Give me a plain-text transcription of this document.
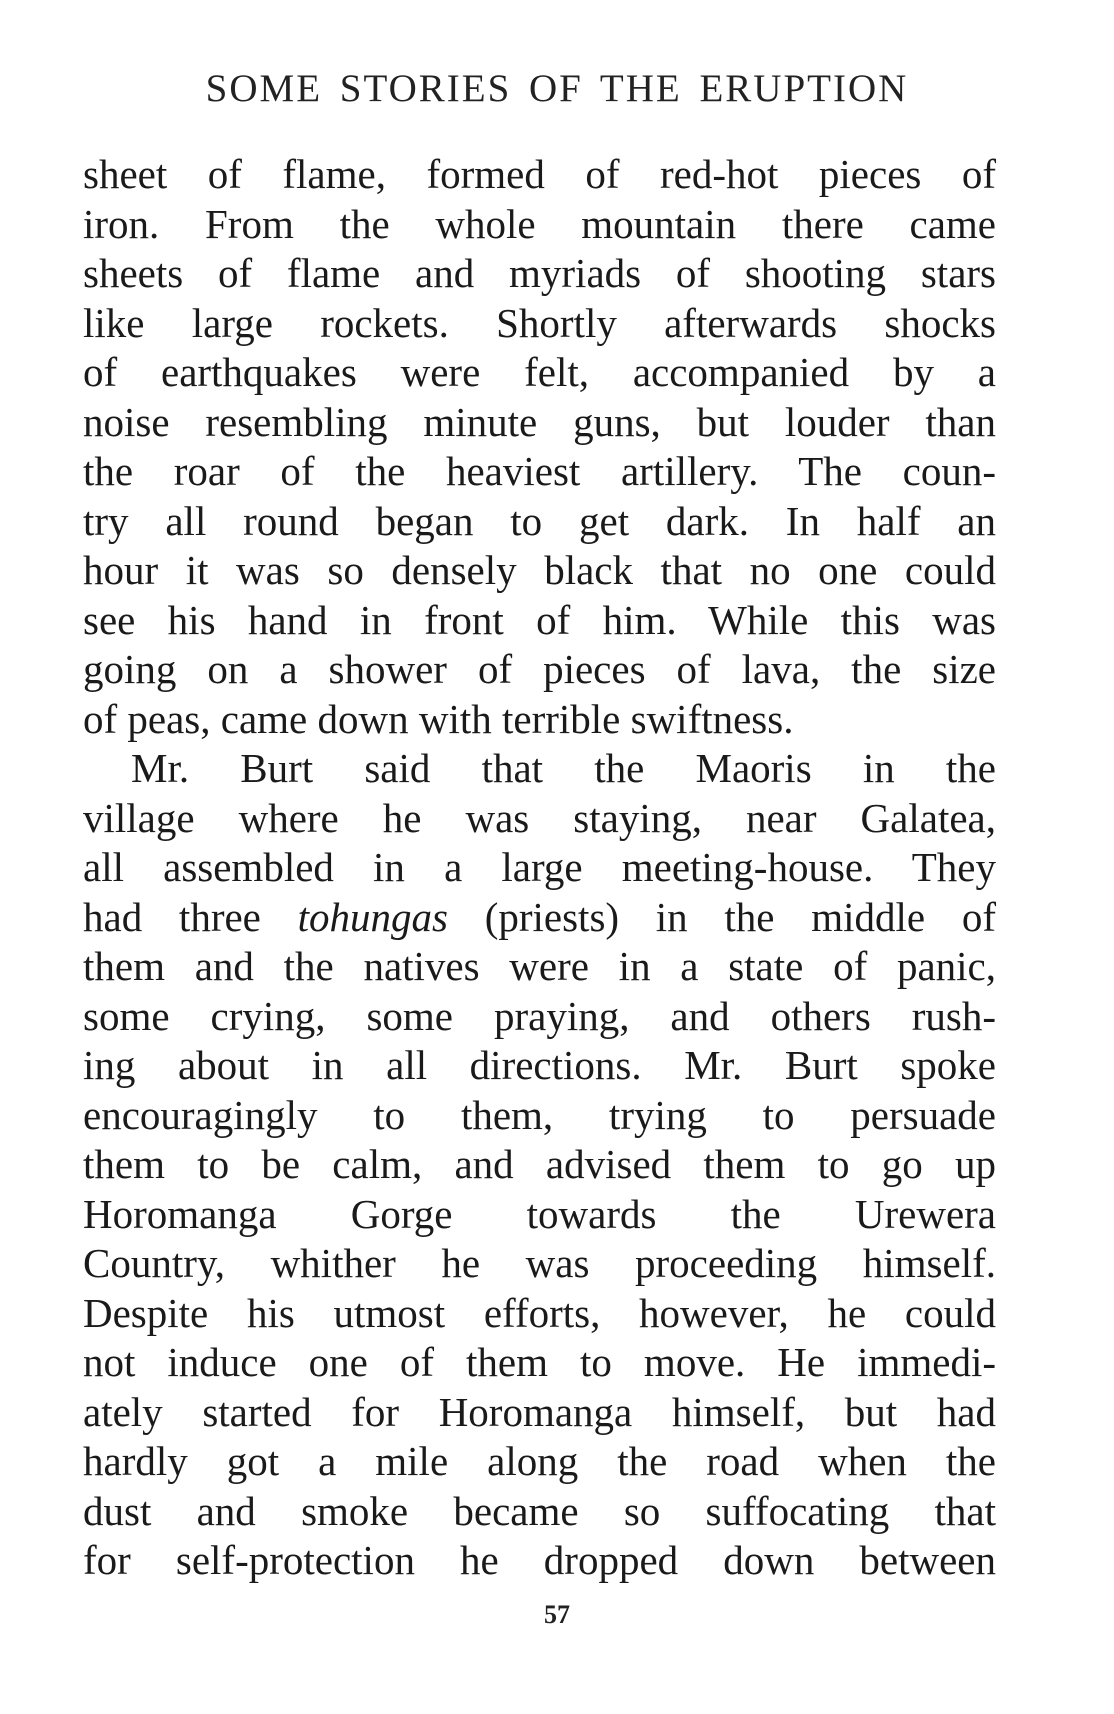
SOME STORIES OF THE ERUPTION
sheet of flame, formed of red-hot pieces of
iron. From the whole mountain there came
sheets of flame and myriads of shooting stars
like large rockets. Shortly afterwards shocks
of earthquakes were felt, accompanied by a
noise resembling minute guns, but louder than
the roar of the heaviest artillery. The coun-
try all round began to get dark. In half an
hour it was so densely black that no one could
see his hand in front of him. While this was
going on a shower of pieces of lava, the size
of peas, came down with terrible swiftness.
Mr. Burt said that the Maoris in the
village where he was staying, near Galatea,
all assembled in a large meeting-house. They
had three tohungas (priests) in the middle of
them and the natives were in a state of panic,
some crying, some praying, and others rush-
ing about in all directions. Mr. Burt spoke
encouragingly to them, trying to persuade
them to be calm, and advised them to go up
Horomanga Gorge towards the Urewera
Country, whither he was proceeding himself.
Despite his utmost efforts, however, he could
not induce one of them to move. He immedi-
ately started for Horomanga himself, but had
hardly got a mile along the road when the
dust and smoke became so suffocating that
for self-protection he dropped down between
57
